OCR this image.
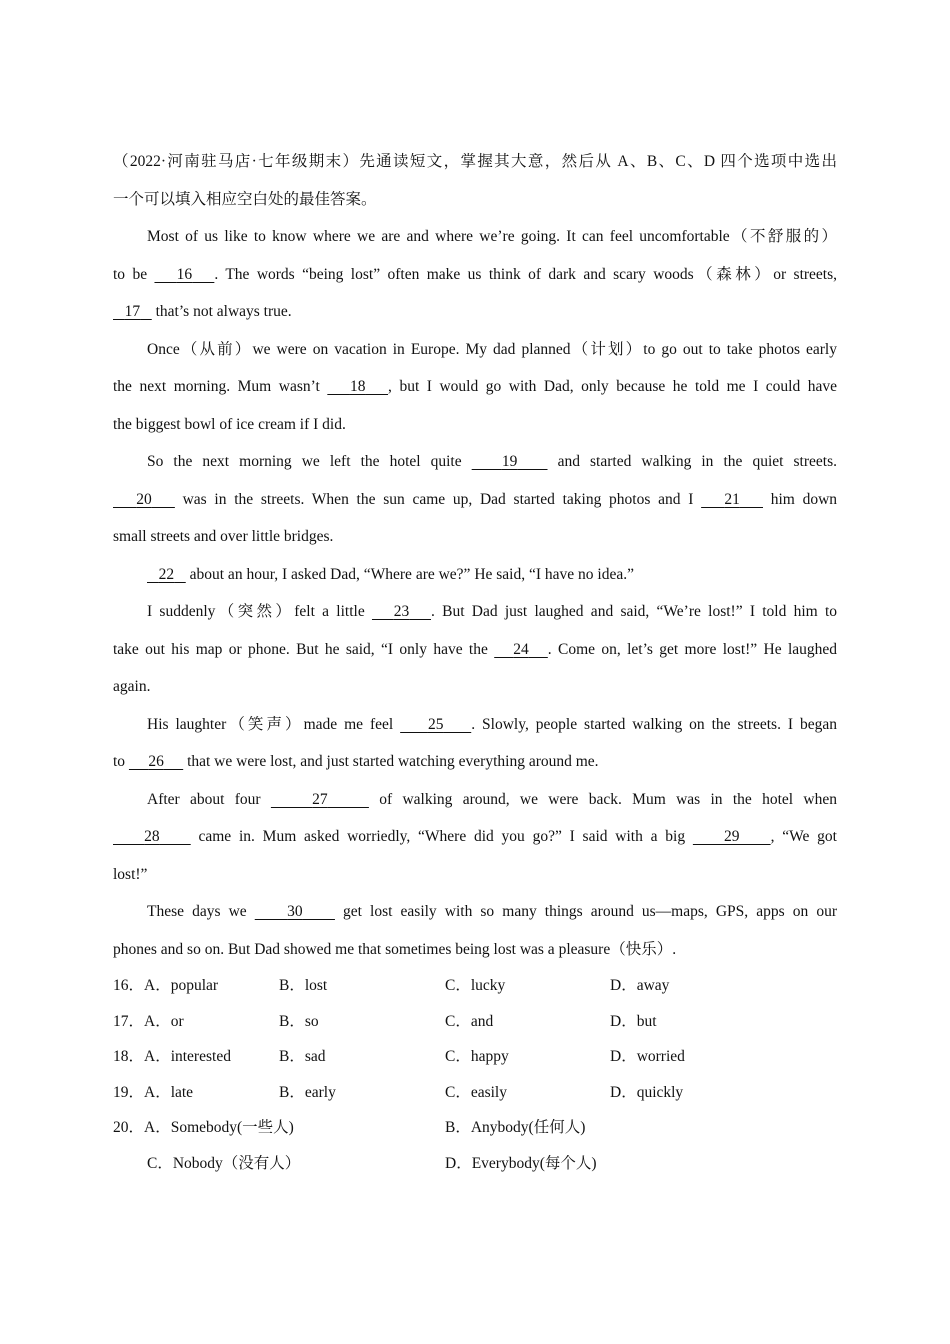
（2022·河南驻马店·七年级期末）先通读短文，掌握其大意，然后从 A、B、C、D 四个选项中选出
一个可以填入相应空白处的最佳答案。
Most of us like to know where we are and where we’re going. It can feel uncomfortable（不舒服的）
to be    16 . The words “being lost” often make us think of dark and scary woods（森林）or streets,
17    that’s not always true.
Once（从前）we were on vacation in Europe. My dad planned（计划）to go out to take photos early
the next morning. Mum wasn’t    18 , but I would go with Dad, only because he told me I could have
the biggest bowl of ice cream if I did.
So the next morning we left the hotel quite    19    and started walking in the quiet streets.
20    was in the streets. When the sun came up, Dad started taking photos and I    21    him down
small streets and over little bridges.
22    about an hour, I asked Dad, “Where are we?” He said, “I have no idea.”
I suddenly（突然）felt a little    23 . But Dad just laughed and said, “We’re lost!” I told him to
take out his map or phone. But he said, “I only have the    24 . Come on, let’s get more lost!” He laughed
again.
His laughter（笑声）made me feel     25 . Slowly, people started walking on the streets. I began
to      26      that we were lost, and just started watching everything around me.
After about four	27	of walking around, we were back. Mum was in the hotel when
28     came in. Mum asked worriedly, “Where did you go?” I said with a big     29 , “We got
lost!”
These days we     30     get lost easily with so many things around us—maps, GPS, apps on our
phones and so on. But Dad showed me that sometimes being lost was a pleasure（快乐）.
16．A．popular	B．lost	C．lucky	D．away
17．A．or	B．so	C．and	D．but
18．A．interested	B．sad	C．happy	D．worried
19．A．late	B．early	C．easily	D．quickly
20．A．Somebody(一些人)	B．Anybody(任何人)
C．Nobody（没有人）	D．Everybody(每个人)
